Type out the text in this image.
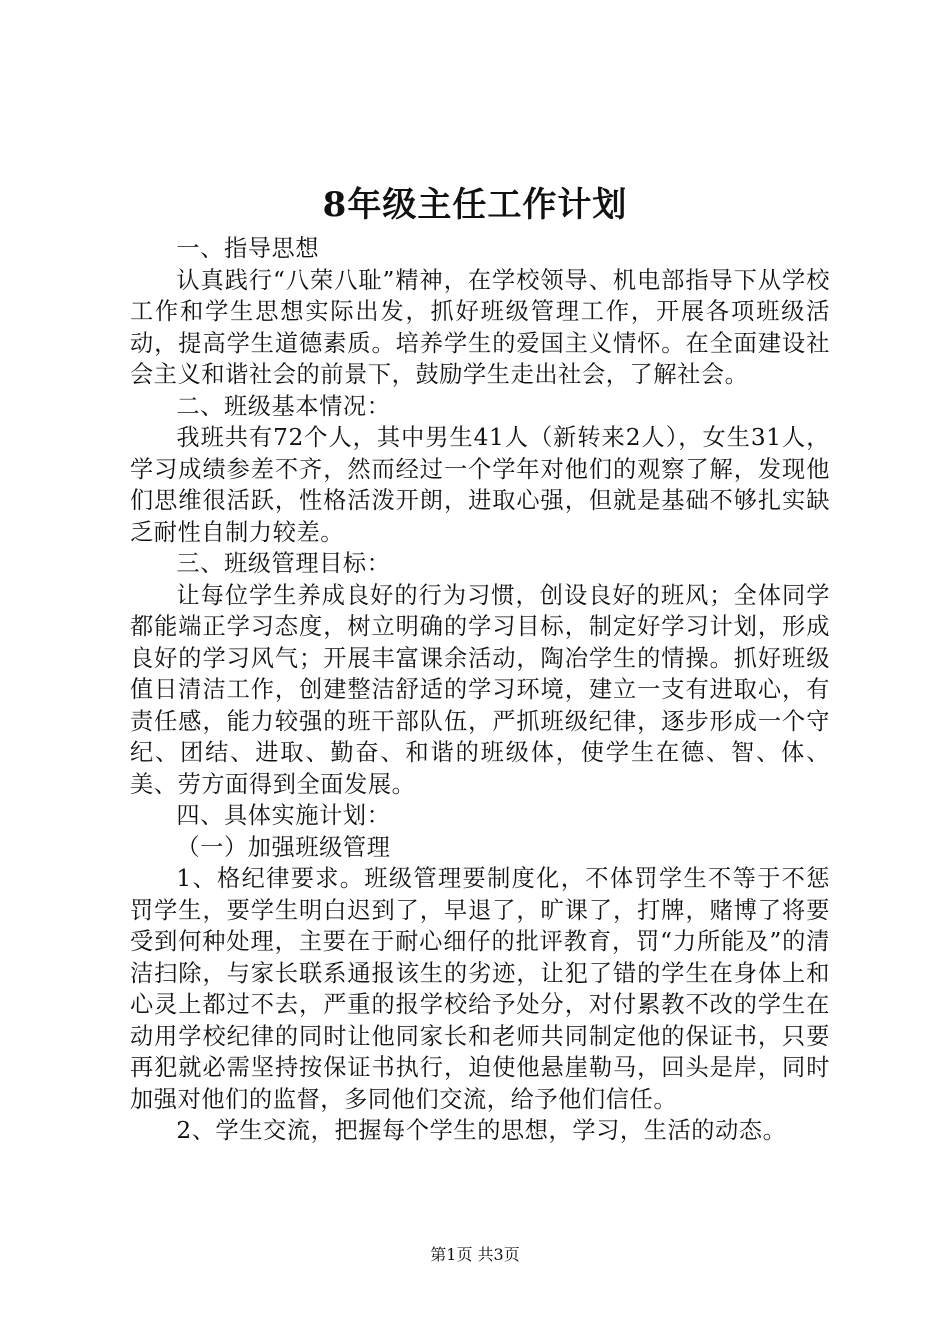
8年级主任工作计划

一、指导思想

认真践行“八荣八耻”精神，在学校领导、机电部指导下从学校工作和学生思想实际出发，抓好班级管理工作，开展各项班级活动，提高学生道德素质。培养学生的爱国主义情怀。在全面建设社会主义和谐社会的前景下，鼓励学生走出社会，了解社会。

二、班级基本情况：

我班共有72个人，其中男生41人（新转来2人），女生31人，学习成绩参差不齐，然而经过一个学年对他们的观察了解，发现他们思维很活跃，性格活泼开朗，进取心强，但就是基础不够扎实缺乏耐性自制力较差。

三、班级管理目标：

让每位学生养成良好的行为习惯，创设良好的班风；全体同学都能端正学习态度，树立明确的学习目标，制定好学习计划，形成良好的学习风气；开展丰富课余活动，陶冶学生的情操。抓好班级值日清洁工作，创建整洁舒适的学习环境，建立一支有进取心，有责任感，能力较强的班干部队伍，严抓班级纪律，逐步形成一个守纪、团结、进取、勤奋、和谐的班级体，使学生在德、智、体、美、劳方面得到全面发展。

四、具体实施计划：

（一）加强班级管理

1、格纪律要求。班级管理要制度化，不体罚学生不等于不惩罚学生，要学生明白迟到了，早退了，旷课了，打牌，赌博了将要受到何种处理，主要在于耐心细仔的批评教育，罚“力所能及”的清洁扫除，与家长联系通报该生的劣迹，让犯了错的学生在身体上和心灵上都过不去，严重的报学校给予处分，对付累教不改的学生在动用学校纪律的同时让他同家长和老师共同制定他的保证书，只要再犯就必需坚持按保证书执行，迫使他悬崖勒马，回头是岸，同时加强对他们的监督，多同他们交流，给予他们信任。

2、学生交流，把握每个学生的思想，学习，生活的动态。

第1页 共3页
